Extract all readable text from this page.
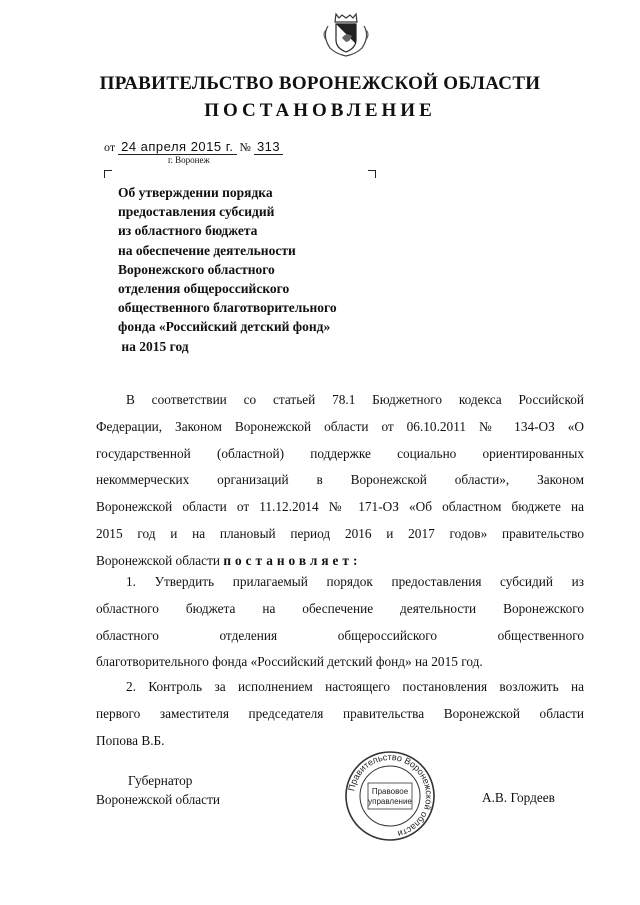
ПРАВИТЕЛЬСТВО ВОРОНЕЖСКОЙ ОБЛАСТИ
ПОСТАНОВЛЕНИЕ
от 24 апреля 2015 г. № 313
г. Воронеж
Об утверждении порядка
предоставления субсидий
из областного бюджета
на обеспечение деятельности
Воронежского областного
отделения общероссийского
общественного благотворительного
фонда «Российский детский фонд»
на 2015 год
В соответствии со статьей 78.1 Бюджетного кодекса Российской
Федерации, Законом Воронежской области от 06.10.2011 № 134-ОЗ «О
государственной (областной) поддержке социально ориентированных
некоммерческих организаций в Воронежской области», Законом
Воронежской области от 11.12.2014 № 171-ОЗ «Об областном бюджете на
2015 год и на плановый период 2016 и 2017 годов» правительство
Воронежской области постановляет:
1. Утвердить прилагаемый порядок предоставления субсидий из
областного бюджета на обеспечение деятельности Воронежского
областного отделения общероссийского общественного
благотворительного фонда «Российский детский фонд» на 2015 год.
2. Контроль за исполнением настоящего постановления возложить на
первого заместителя председателя правительства Воронежской области
Попова В.Б.
Губернатор
Воронежской области	А.В. Гордеев
Правительство Воронежской области
Правовое
управление
